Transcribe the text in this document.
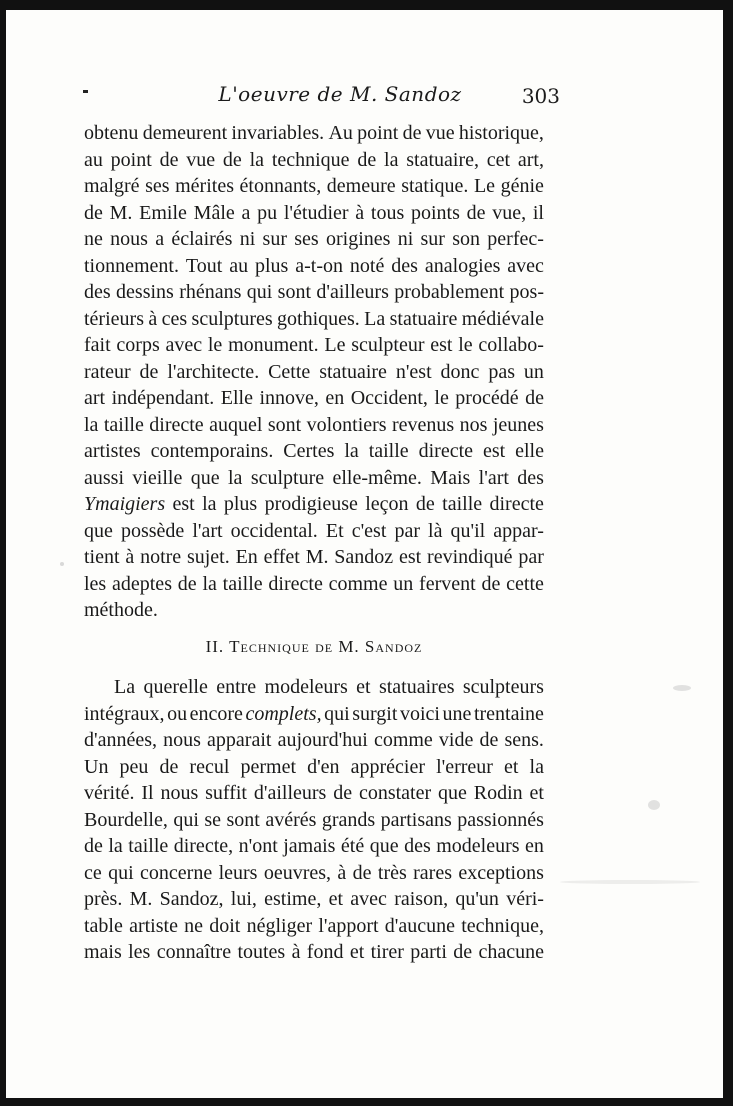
L'oeuvre de M. Sandoz	303
obtenu demeurent invariables. Au point de vue historique,
au point de vue de la technique de la statuaire, cet art,
malgré ses mérites étonnants, demeure statique. Le génie
de M. Emile Mâle a pu l'étudier à tous points de vue, il
ne nous a éclairés ni sur ses origines ni sur son perfec-
tionnement. Tout au plus a-t-on noté des analogies avec
des dessins rhénans qui sont d'ailleurs probablement pos-
térieurs à ces sculptures gothiques. La statuaire médiévale
fait corps avec le monument. Le sculpteur est le collabo-
rateur de l'architecte. Cette statuaire n'est donc pas un
art indépendant. Elle innove, en Occident, le procédé de
la taille directe auquel sont volontiers revenus nos jeunes
artistes contemporains. Certes la taille directe est elle
aussi vieille que la sculpture elle-même. Mais l'art des
Ymaigiers est la plus prodigieuse leçon de taille directe
que possède l'art occidental. Et c'est par là qu'il appar-
tient à notre sujet. En effet M. Sandoz est revindiqué par
les adeptes de la taille directe comme un fervent de cette
méthode.
II. Technique de M. Sandoz
La querelle entre modeleurs et statuaires sculpteurs
intégraux, ou encore complets, qui surgit voici une trentaine
d'années, nous apparait aujourd'hui comme vide de sens.
Un peu de recul permet d'en apprécier l'erreur et la
vérité. Il nous suffit d'ailleurs de constater que Rodin et
Bourdelle, qui se sont avérés grands partisans passionnés
de la taille directe, n'ont jamais été que des modeleurs en
ce qui concerne leurs oeuvres, à de très rares exceptions
près. M. Sandoz, lui, estime, et avec raison, qu'un véri-
table artiste ne doit négliger l'apport d'aucune technique,
mais les connaître toutes à fond et tirer parti de chacune
